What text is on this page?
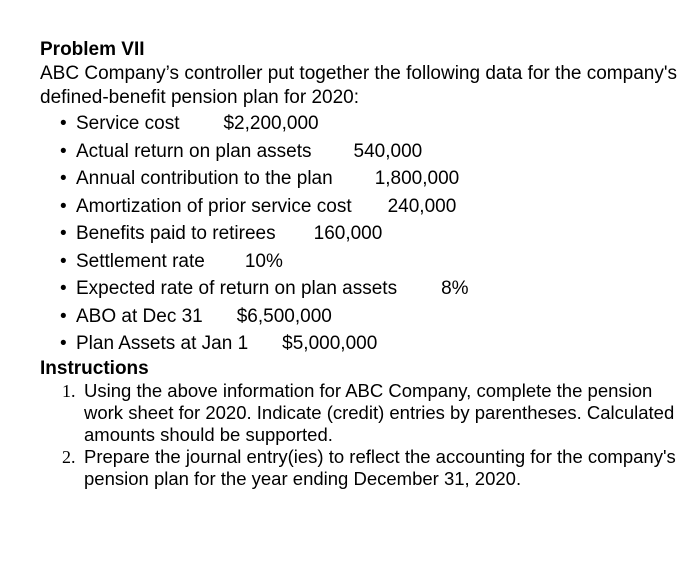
Problem VII

ABC Company’s controller put together the following data for the company's defined-benefit pension plan for 2020:

• Service cost $2,200,000
• Actual return on plan assets 540,000
• Annual contribution to the plan 1,800,000
• Amortization of prior service cost 240,000
• Benefits paid to retirees 160,000
• Settlement rate 10%
• Expected rate of return on plan assets 8%
• ABO at Dec 31 $6,500,000
• Plan Assets at Jan 1 $5,000,000

Instructions

1. Using the above information for ABC Company, complete the pension work sheet for 2020. Indicate (credit) entries by parentheses. Calculated amounts should be supported.
2. Prepare the journal entry(ies) to reflect the accounting for the company's pension plan for the year ending December 31, 2020.
